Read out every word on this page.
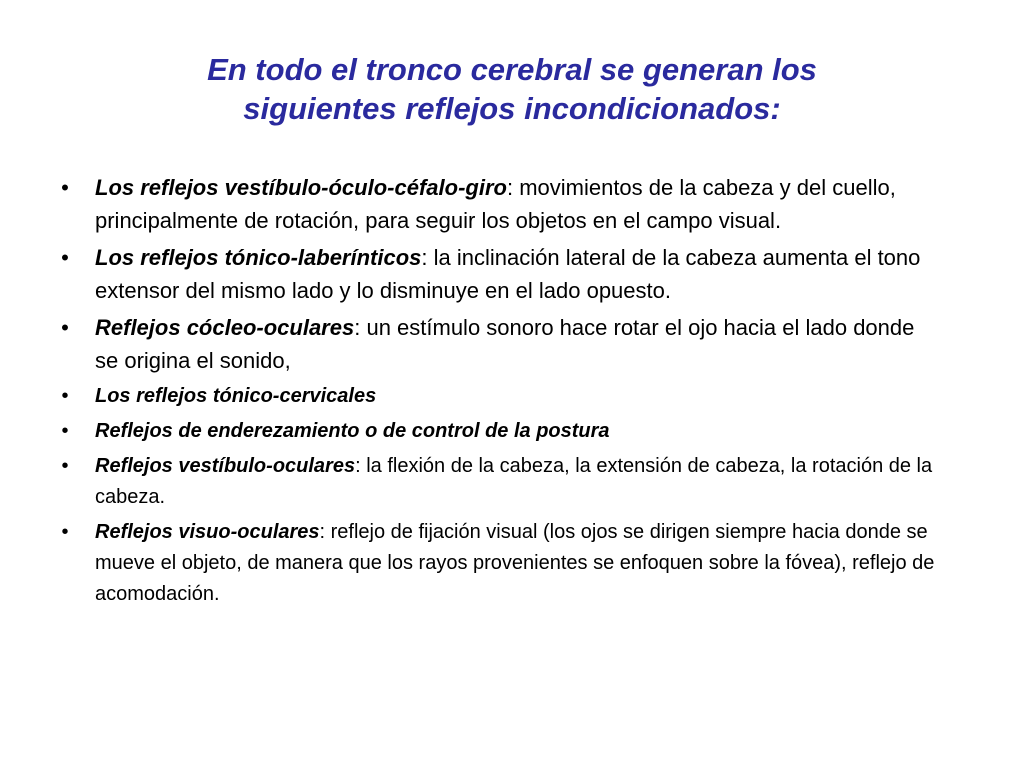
En todo el tronco cerebral se generan los
siguientes reflejos incondicionados:
• Los reflejos vestíbulo-óculo-céfalo-giro: movimientos de la cabeza y del cuello, principalmente de rotación, para seguir los objetos en el campo visual.
• Los reflejos tónico-laberínticos: la inclinación lateral de la cabeza aumenta el tono extensor del mismo lado y lo disminuye en el lado opuesto.
• Reflejos cócleo-oculares: un estímulo sonoro hace rotar el ojo hacia el lado donde se origina el sonido,
• Los reflejos tónico-cervicales
• Reflejos de enderezamiento o de control de la postura
• Reflejos vestíbulo-oculares: la flexión de la cabeza, la extensión de cabeza, la rotación de la cabeza.
• Reflejos visuo-oculares: reflejo de fijación visual (los ojos se dirigen siempre hacia donde se mueve el objeto, de manera que los rayos provenientes se enfoquen sobre la fóvea), reflejo de acomodación.
